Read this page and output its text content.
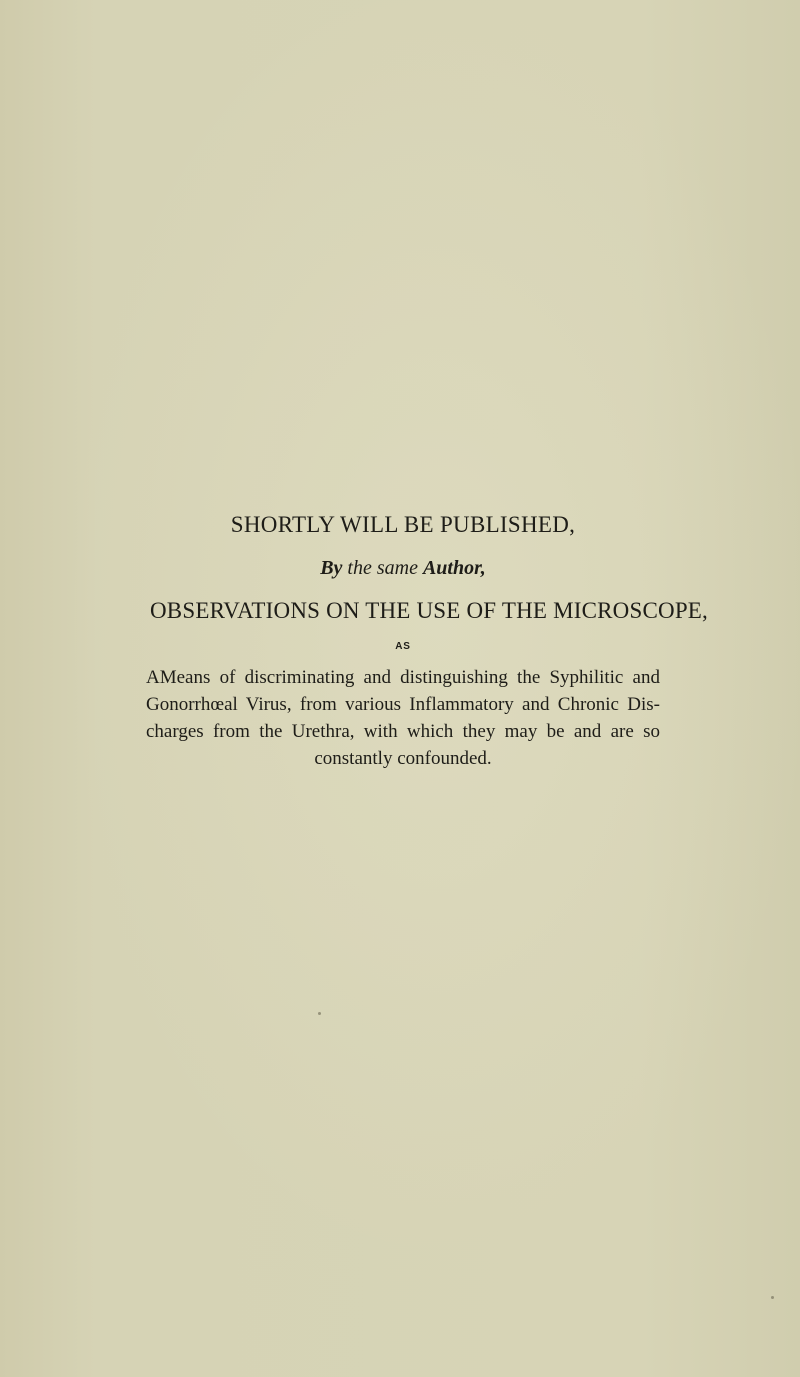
SHORTLY WILL BE PUBLISHED,

By the same Author,

OBSERVATIONS ON THE USE OF THE MICROSCOPE,

AS

AMeans of discriminating and distinguishing the Syphilitic and Gonorrhœal Virus, from various Inflammatory and Chronic Dis- charges from the Urethra, with which they may be and are so constantly confounded.
